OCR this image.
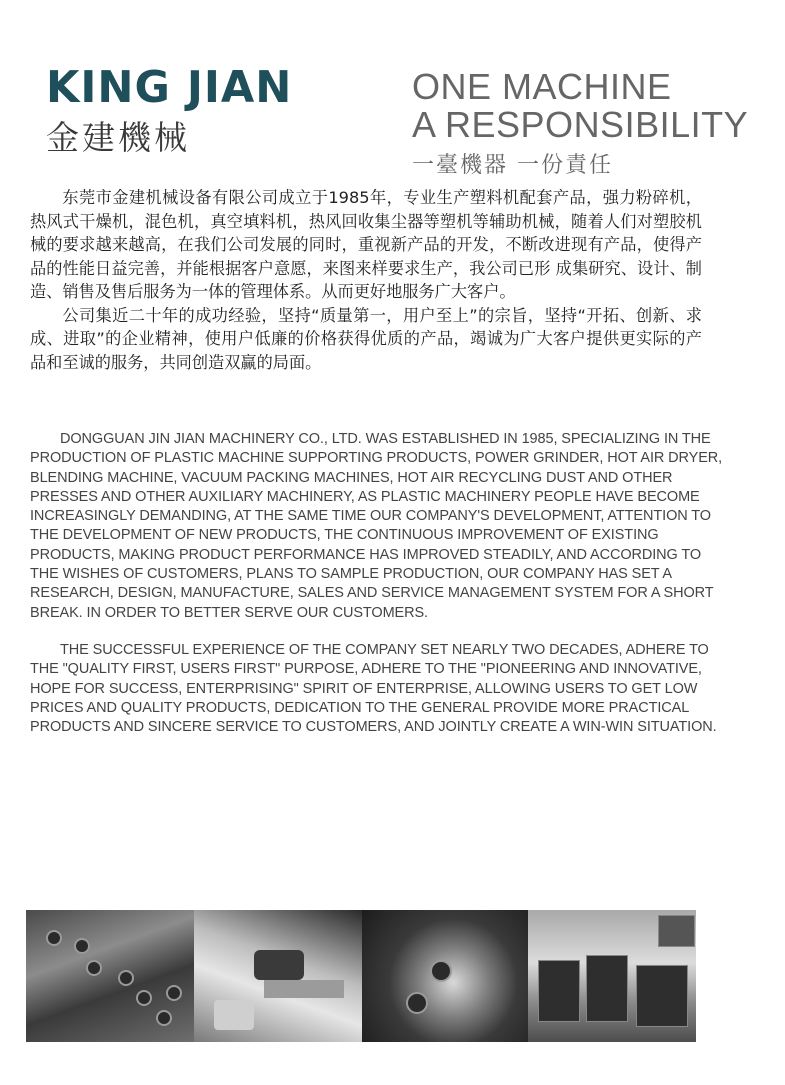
KING JIAN
金建機械
ONE MACHINE
A RESPONSIBILITY
一臺機器 一份責任

东莞市金建机械设备有限公司成立于1985年，专业生产塑料机配套产品，强力粉碎机，热风式干燥机，混色机，真空填料机，热风回收集尘器等塑机等辅助机械，随着人们对塑胶机械的要求越来越高，在我们公司发展的同时，重视新产品的开发，不断改进现有产品，使得产品的性能日益完善，并能根据客户意愿，来图来样要求生产，我公司已形 成集研究、设计、制造、销售及售后服务为一体的管理体系。从而更好地服务广大客户。

公司集近二十年的成功经验，坚持“质量第一，用户至上”的宗旨，坚持“开拓、创新、求成、进取”的企业精神，使用户低廉的价格获得优质的产品，竭诚为广大客户提供更实际的产品和至诚的服务，共同创造双赢的局面。

DONGGUAN JIN JIAN MACHINERY CO., LTD. WAS ESTABLISHED IN 1985, SPECIALIZING IN THE PRODUCTION OF PLASTIC MACHINE SUPPORTING PRODUCTS, POWER GRINDER, HOT AIR DRYER, BLENDING MACHINE, VACUUM PACKING MACHINES, HOT AIR RECYCLING DUST AND OTHER PRESSES AND OTHER AUXILIARY MACHINERY, AS PLASTIC MACHINERY PEOPLE HAVE BECOME INCREASINGLY DEMANDING, AT THE SAME TIME OUR COMPANY'S DEVELOPMENT, ATTENTION TO THE DEVELOPMENT OF NEW PRODUCTS, THE CONTINUOUS IMPROVEMENT OF EXISTING PRODUCTS, MAKING PRODUCT PERFORMANCE HAS IMPROVED STEADILY, AND ACCORDING TO THE WISHES OF CUSTOMERS, PLANS TO SAMPLE PRODUCTION, OUR COMPANY HAS SET A RESEARCH, DESIGN, MANUFACTURE, SALES AND SERVICE MANAGEMENT SYSTEM FOR A SHORT BREAK. IN ORDER TO BETTER SERVE OUR CUSTOMERS.

THE SUCCESSFUL EXPERIENCE OF THE COMPANY SET NEARLY TWO DECADES, ADHERE TO THE "QUALITY FIRST, USERS FIRST" PURPOSE, ADHERE TO THE "PIONEERING AND INNOVATIVE, HOPE FOR SUCCESS, ENTERPRISING" SPIRIT OF ENTERPRISE, ALLOWING USERS TO GET LOW PRICES AND QUALITY PRODUCTS, DEDICATION TO THE GENERAL PROVIDE MORE PRACTICAL PRODUCTS AND SINCERE SERVICE TO CUSTOMERS, AND JOINTLY CREATE A WIN-WIN SITUATION.
